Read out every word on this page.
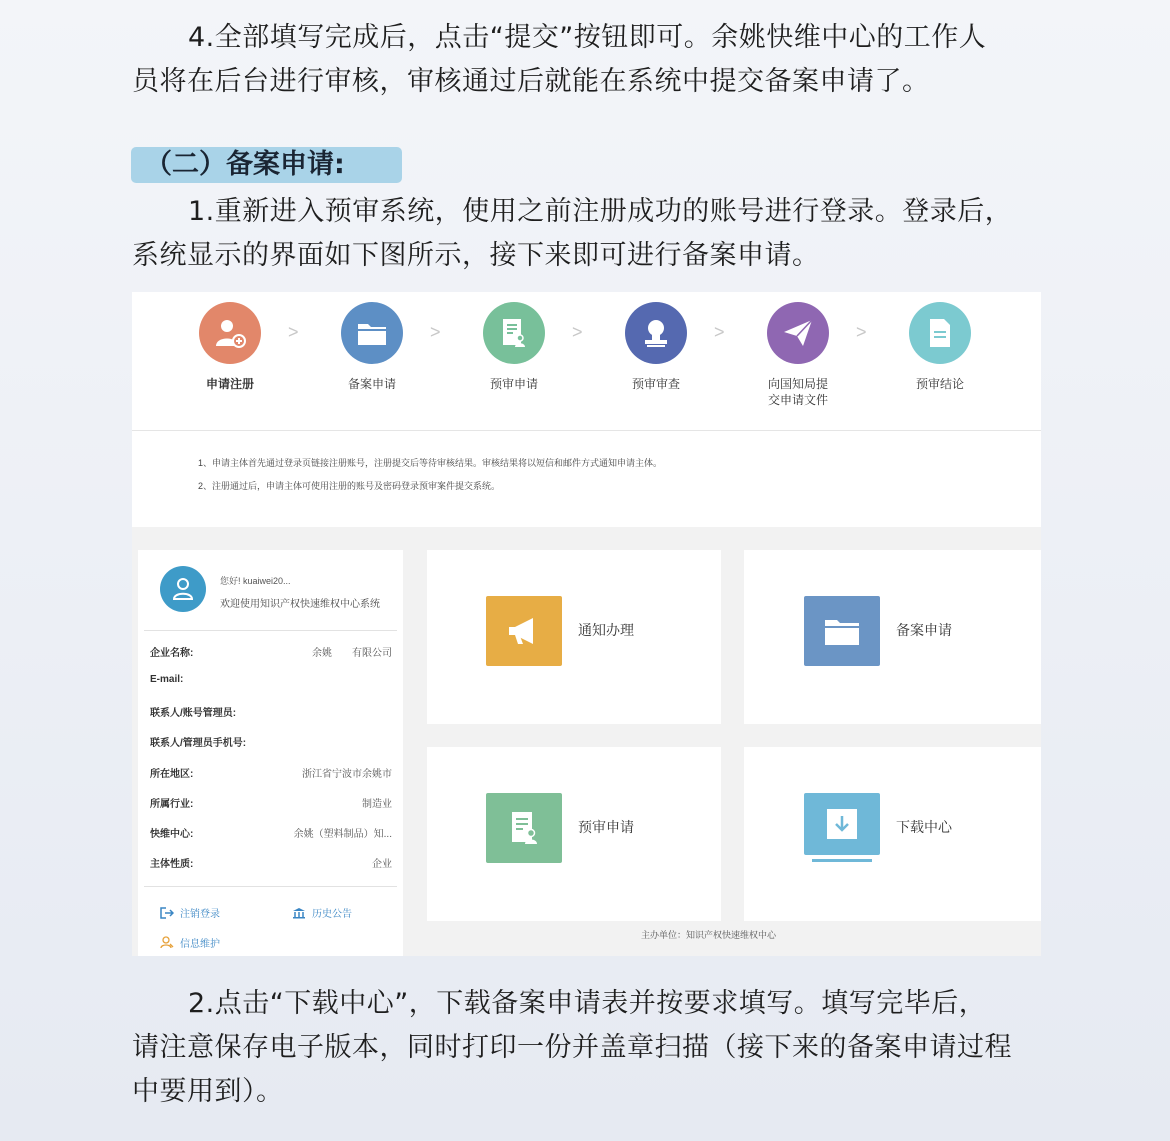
4.全部填写完成后，点击“提交”按钮即可。余姚快维中心的工作人
员将在后台进行审核，审核通过后就能在系统中提交备案申请了。
（二）备案申请:
1.重新进入预审系统，使用之前注册成功的账号进行登录。登录后，
系统显示的界面如下图所示，接下来即可进行备案申请。
申请注册
>
备案申请
>
预审申请
>
预审审查
>
向国知局提
交申请文件
>
预审结论

1、申请主体首先通过登录页链接注册账号，注册提交后等待审核结果。审核结果将以短信和邮件方式通知申请主体。

2、注册通过后，申请主体可使用注册的账号及密码登录预审案件提交系统。

您好! kuaiwei20...
欢迎使用知识产权快速维权中心系统
企业名称:	余姚　　有限公司
E-mail:
联系人/账号管理员:
联系人/管理员手机号:
所在地区:	浙江省宁波市余姚市
所属行业:	制造业
快维中心:	余姚（塑料制品）知...
主体性质:	企业
注销登录	历史公告
信息维护
通知办理	备案申请
预审申请	下载中心
主办单位：知识产权快速维权中心
2.点击“下载中心”，下载备案申请表并按要求填写。填写完毕后，
请注意保存电子版本，同时打印一份并盖章扫描（接下来的备案申请过程
中要用到）。
